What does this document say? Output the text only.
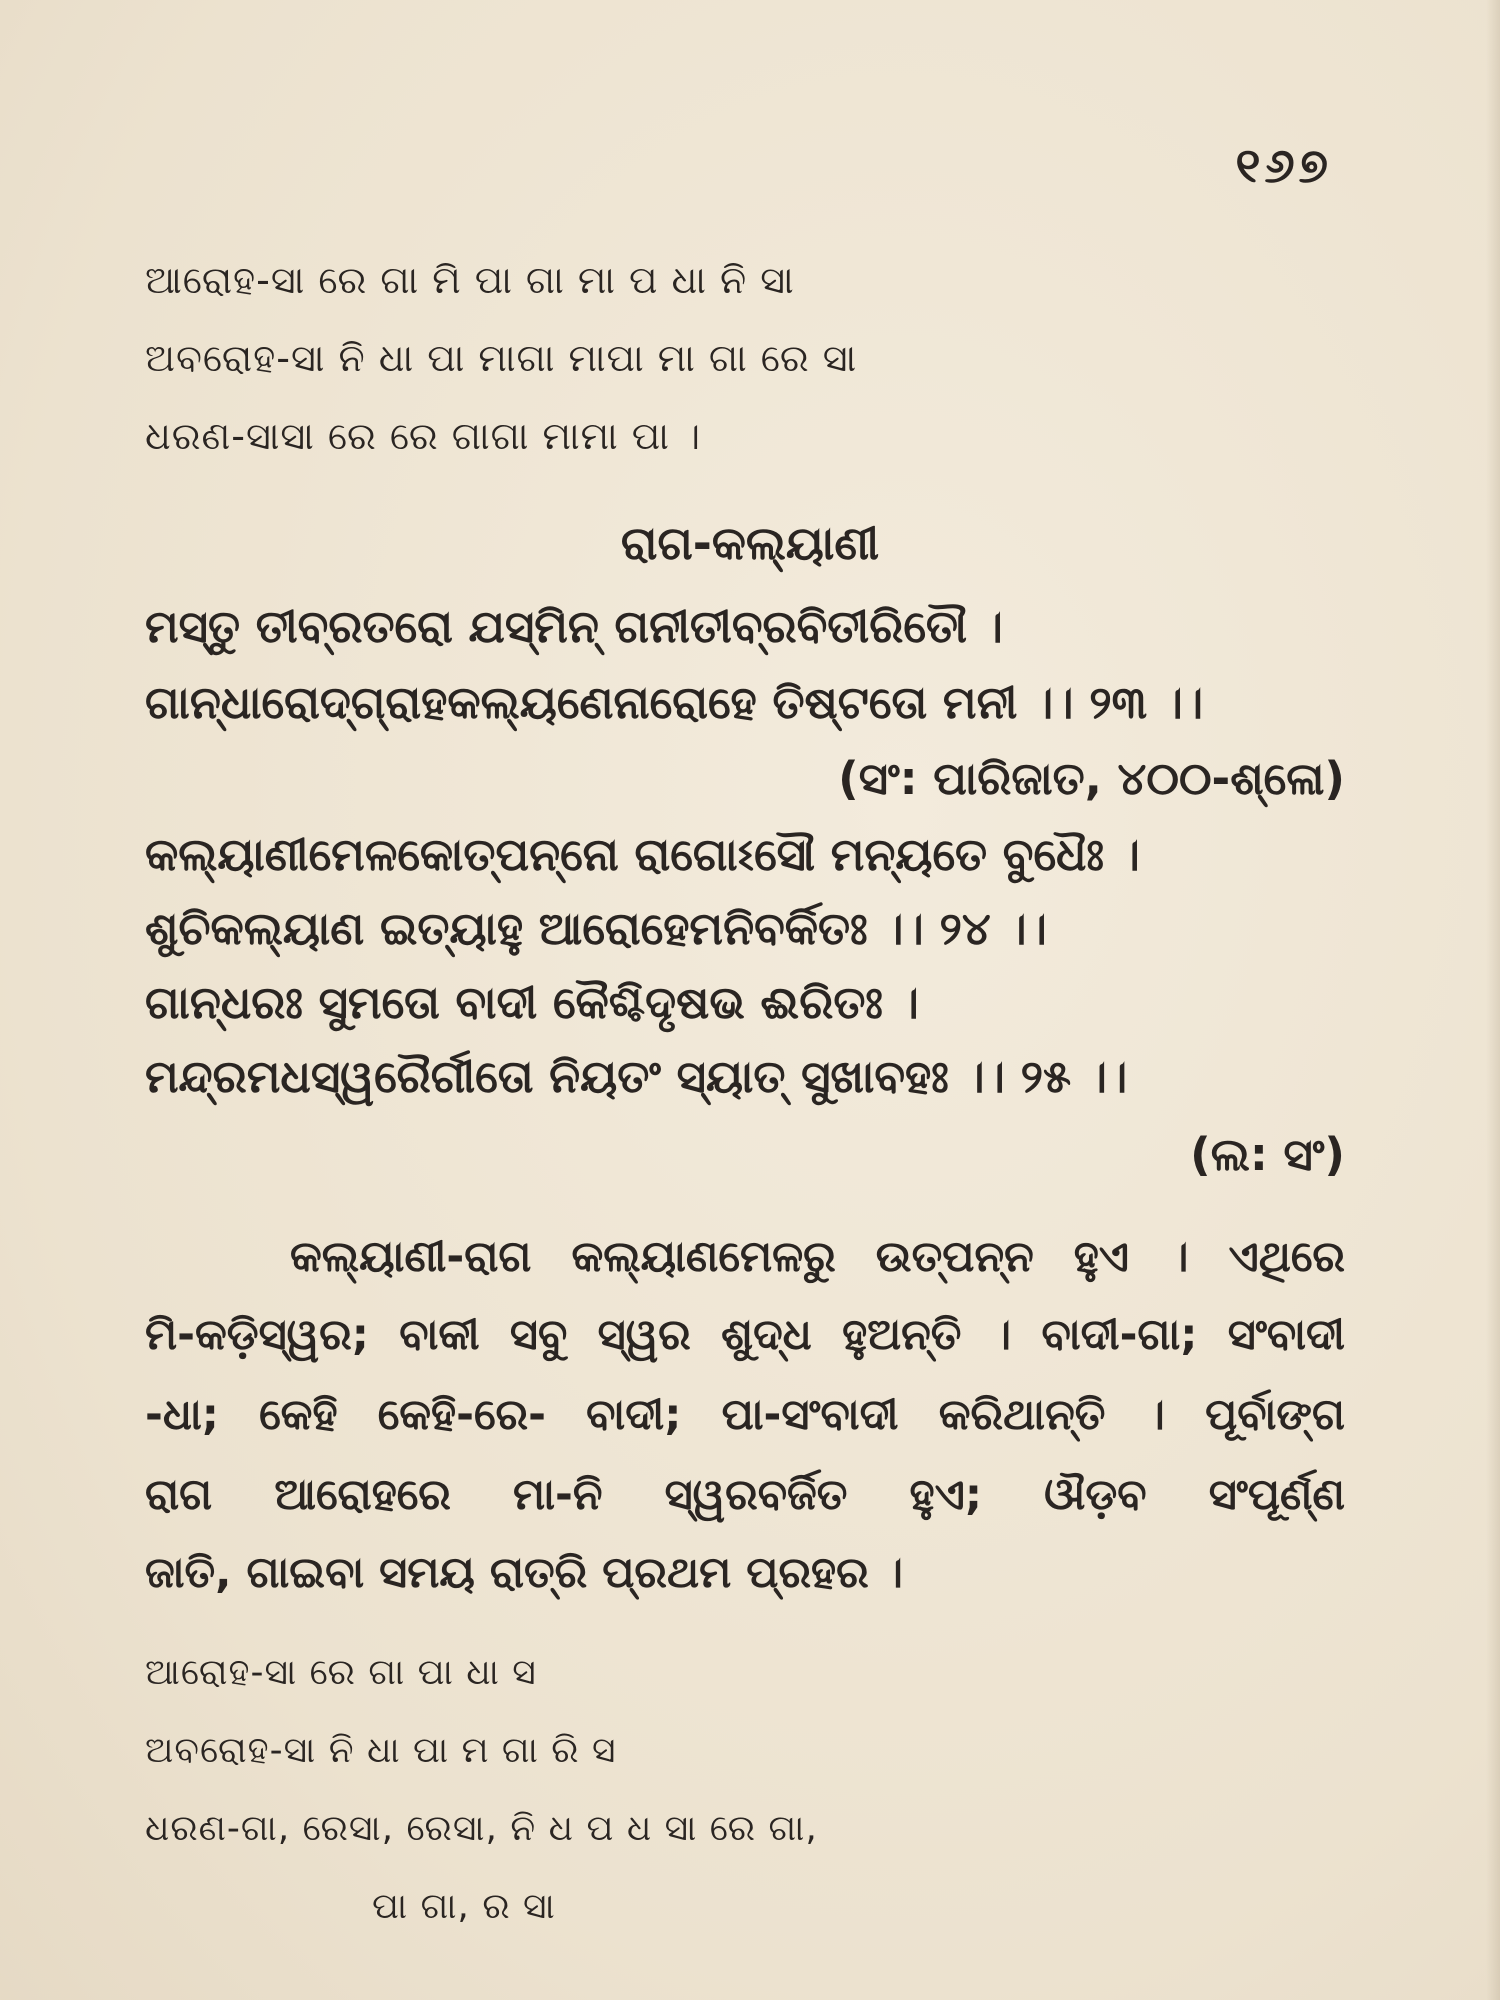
୧୬୭
ଆରୋହ-ସା ରେ ଗା ମି ପା ଗା ମା ପ ଧା ନି ସା
ଅବରୋହ-ସା ନି ଧା ପା ମାଗା ମାପା ମା ଗା ରେ ସା
ଧରଣ-ସାସା ରେ ରେ ଗାଗା ମାମା ପା ।
ରାଗ-କଲ୍ୟାଣୀ
ମସ୍ତୁ ତୀବ୍ରତରୋ ଯସ୍ମିନ୍ ଗନୀତୀବ୍ରବିତୀରିତୌ ।
ଗାନ୍ଧାରୋଦ୍‌ଗ୍ରାହକଲ୍ୟଣେନାରୋହେ ତିଷ୍ଟତୋ ମନୀ ।। ୨୩ ।।
(ସଂ: ପାରିଜାତ, ୪୦୦-ଶ୍ଳୋ)
କଲ୍ୟାଣୀମେଳକୋତ୍ପନ୍ନୋ ରାଗୋଽସୌ ମନ୍ୟତେ ବୁଧୈଃ ।
ଶୁଚିକଲ୍ୟାଣ ଇତ୍ୟାହୁ ଆରୋହେମନିବର୍କିତଃ ।। ୨୪ ।।
ଗାନ୍ଧରଃ ସୁମତୋ ବାଦୀ କୈଶ୍ଚିଦୃଷଭ ଈରିତଃ ।
ମନ୍ଦ୍ରମଧସ୍ୱରୈର୍ଗୀତୋ ନିୟତଂ ସ୍ୟାତ୍ ସୁଖାବହଃ ।। ୨୫ ।।
(ଲ: ସଂ)
କଲ୍ୟାଣୀ-ରାଗ କଲ୍ୟାଣମେଳରୁ ଉତ୍ପନ୍ନ ହୁଏ । ଏଥିରେ
ମି-କଡ଼ିସ୍ୱର; ବାକୀ ସବୁ ସ୍ୱର ଶୁଦ୍ଧ ହୁଅନ୍ତି । ବାଦୀ-ଗା; ସଂବାଦୀ
-ଧା; କେହି କେହି-ରେ- ବାଦୀ; ପା-ସଂବାଦୀ କରିଥାନ୍ତି । ପୂର୍ବାଙ୍ଗ
ରାଗ ଆରୋହରେ ମା-ନି ସ୍ୱରବର୍ଜିତ ହୁଏ; ଔଡ଼ବ ସଂପୂର୍ଣ୍ଣ
ଜାତି, ଗାଇବା ସମୟ ରାତ୍ରି ପ୍ରଥମ ପ୍ରହର ।
ଆରୋହ-ସା ରେ ଗା ପା ଧା ସ
ଅବରୋହ-ସା ନି ଧା ପା ମ ଗା ରି ସ
ଧରଣ-ଗା, ରେସା, ରେସା, ନି ଧ ପ ଧ ସା ରେ ଗା,
ପା ଗା, ର ସା
